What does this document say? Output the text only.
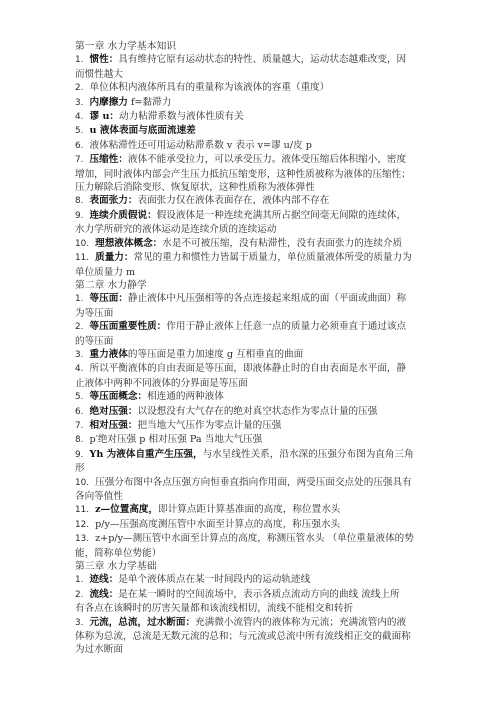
第一章 水力学基本知识
1. 惯性：具有维持它原有运动状态的特性、质量越大，运动状态越难改变，因
而惯性越大
2. 单位体积内液体所具有的重量称为该液体的容重（重度）
3. 内摩擦力 f=黏滞力
4. 谬 u：动力粘滞系数与液体性质有关
5. u 液体表面与底面流速差
6. 液体粘滞性还可用运动粘滞系数 v 表示 v=谬 u/皮 p
7. 压缩性：液体不能承受拉力，可以承受压力。液体受压缩后体积缩小，密度
增加，同时液体内部会产生压力抵抗压缩变形，这种性质被称为液体的压缩性；
压力解除后消除变形、恢复原状，这种性质称为液体弹性
8. 表面张力：表面张力仅在液体表面存在，液体内部不存在
9. 连续介质假说：假设液体是一种连续充满其所占据空间毫无间隙的连续体，
水力学所研究的液体运动是连续介质的连续运动
10. 理想液体概念：水是不可被压缩，没有粘滞性，没有表面张力的连续介质
11. 质量力：常见的重力和惯性力皆属于质量力，单位质量液体所受的质量力为
单位质量力 m
第二章 水力静学
1. 等压面：静止液体中凡压强相等的各点连接起来组成的面（平面或曲面）称
为等压面
2. 等压面重要性质：作用于静止液体上任意一点的质量力必须垂直于通过该点
的等压面
3. 重力液体的等压面是重力加速度 g 互相垂直的曲面
4. 所以平衡液体的自由表面是等压面，即液体静止时的自由表面是水平面，静
止液体中两种不同液体的分界面是等压面
5. 等压面概念：相连通的两种液体
6. 绝对压强：以设想没有大气存在的绝对真空状态作为零点计量的压强
7. 相对压强：把当地大气压作为零点计量的压强
8. p′绝对压强 p 相对压强 Pa 当地大气压强
9. Yh 为液体自重产生压强，与水呈线性关系，沿水深的压强分布图为直角三角
形
10. 压强分布图中各点压强方向恒垂直指向作用面，两受压面交点处的压强具有
各向等值性
11. z—位置高度，即计算点距计算基准面的高度，称位置水头
12. p/y—压强高度测压管中水面至计算点的高度，称压强水头
13. z+p/y—测压管中水面至计算点的高度，称测压管水头 （单位重量液体的势
能，简称单位势能）
第三章 水力学基础
1. 迹线：是单个液体质点在某一时间段内的运动轨迹线
2. 流线：是在某一瞬时的空间流场中，表示各质点流动方向的曲线 流线上所
有各点在该瞬时的厉害矢量都和该流线相切，流线不能相交和转折
3. 元流，总流，过水断面：充满微小流管内的液体称为元流；充满流管内的液
体称为总流，总流是无数元流的总和；与元流或总流中所有流线相正交的截面称
为过水断面
